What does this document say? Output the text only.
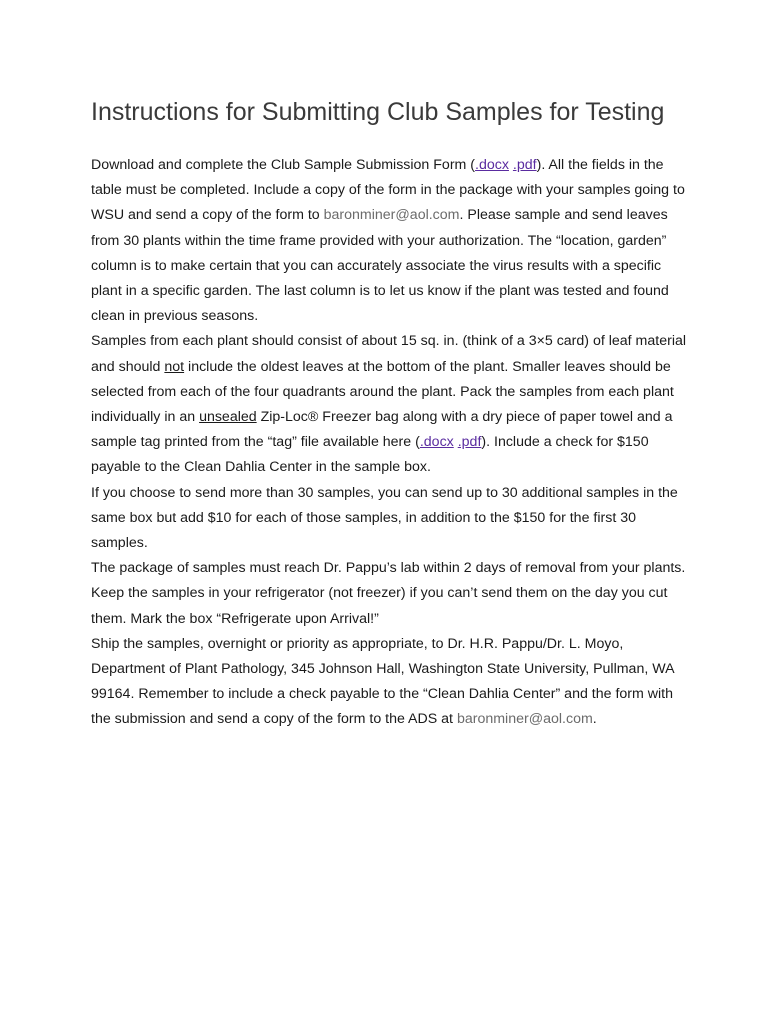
Instructions for Submitting Club Samples for Testing

Download and complete the Club Sample Submission Form (.docx .pdf). All the fields in the table must be completed. Include a copy of the form in the package with your samples going to WSU and send a copy of the form to baronminer@aol.com. Please sample and send leaves from 30 plants within the time frame provided with your authorization. The “location, garden” column is to make certain that you can accurately associate the virus results with a specific plant in a specific garden. The last column is to let us know if the plant was tested and found clean in previous seasons.

Samples from each plant should consist of about 15 sq. in. (think of a 3×5 card) of leaf material and should not include the oldest leaves at the bottom of the plant. Smaller leaves should be selected from each of the four quadrants around the plant. Pack the samples from each plant individually in an unsealed Zip-Loc® Freezer bag along with a dry piece of paper towel and a sample tag printed from the “tag” file available here (.docx .pdf). Include a check for $150 payable to the Clean Dahlia Center in the sample box.

If you choose to send more than 30 samples, you can send up to 30 additional samples in the same box but add $10 for each of those samples, in addition to the $150 for the first 30 samples.

The package of samples must reach Dr. Pappu’s lab within 2 days of removal from your plants. Keep the samples in your refrigerator (not freezer) if you can’t send them on the day you cut them. Mark the box “Refrigerate upon Arrival!”

Ship the samples, overnight or priority as appropriate, to Dr. H.R. Pappu/Dr. L. Moyo, Department of Plant Pathology, 345 Johnson Hall, Washington State University, Pullman, WA 99164. Remember to include a check payable to the “Clean Dahlia Center” and the form with the submission and send a copy of the form to the ADS at baronminer@aol.com.
